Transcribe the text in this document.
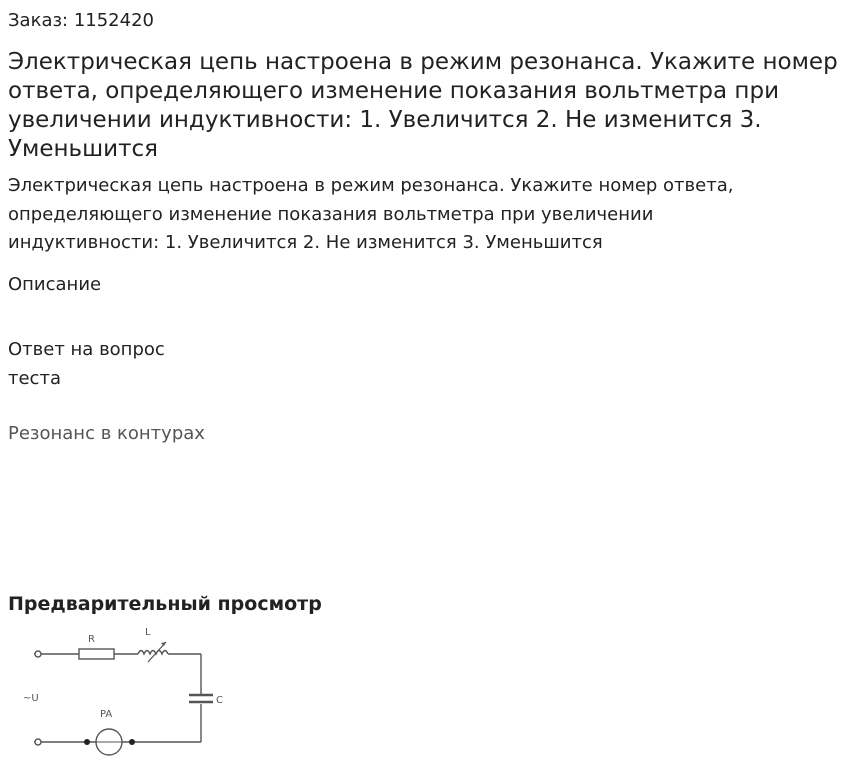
Заказ: 1152420
Электрическая цепь настроена в режим резонанса. Укажите номер ответа, определяющего изменение показания вольтметра при увеличении индуктивности: 1. Увеличится 2. Не изменится 3. Уменьшится

Электрическая цепь настроена в режим резонанса. Укажите номер ответа, определяющего изменение показания вольтметра при увеличении индуктивности: 1. Увеличится 2. Не изменится 3. Уменьшится

Описание
Ответ на вопрос теста
Резонанс в контурах
Предварительный просмотр
R
L
C
~U
PA
